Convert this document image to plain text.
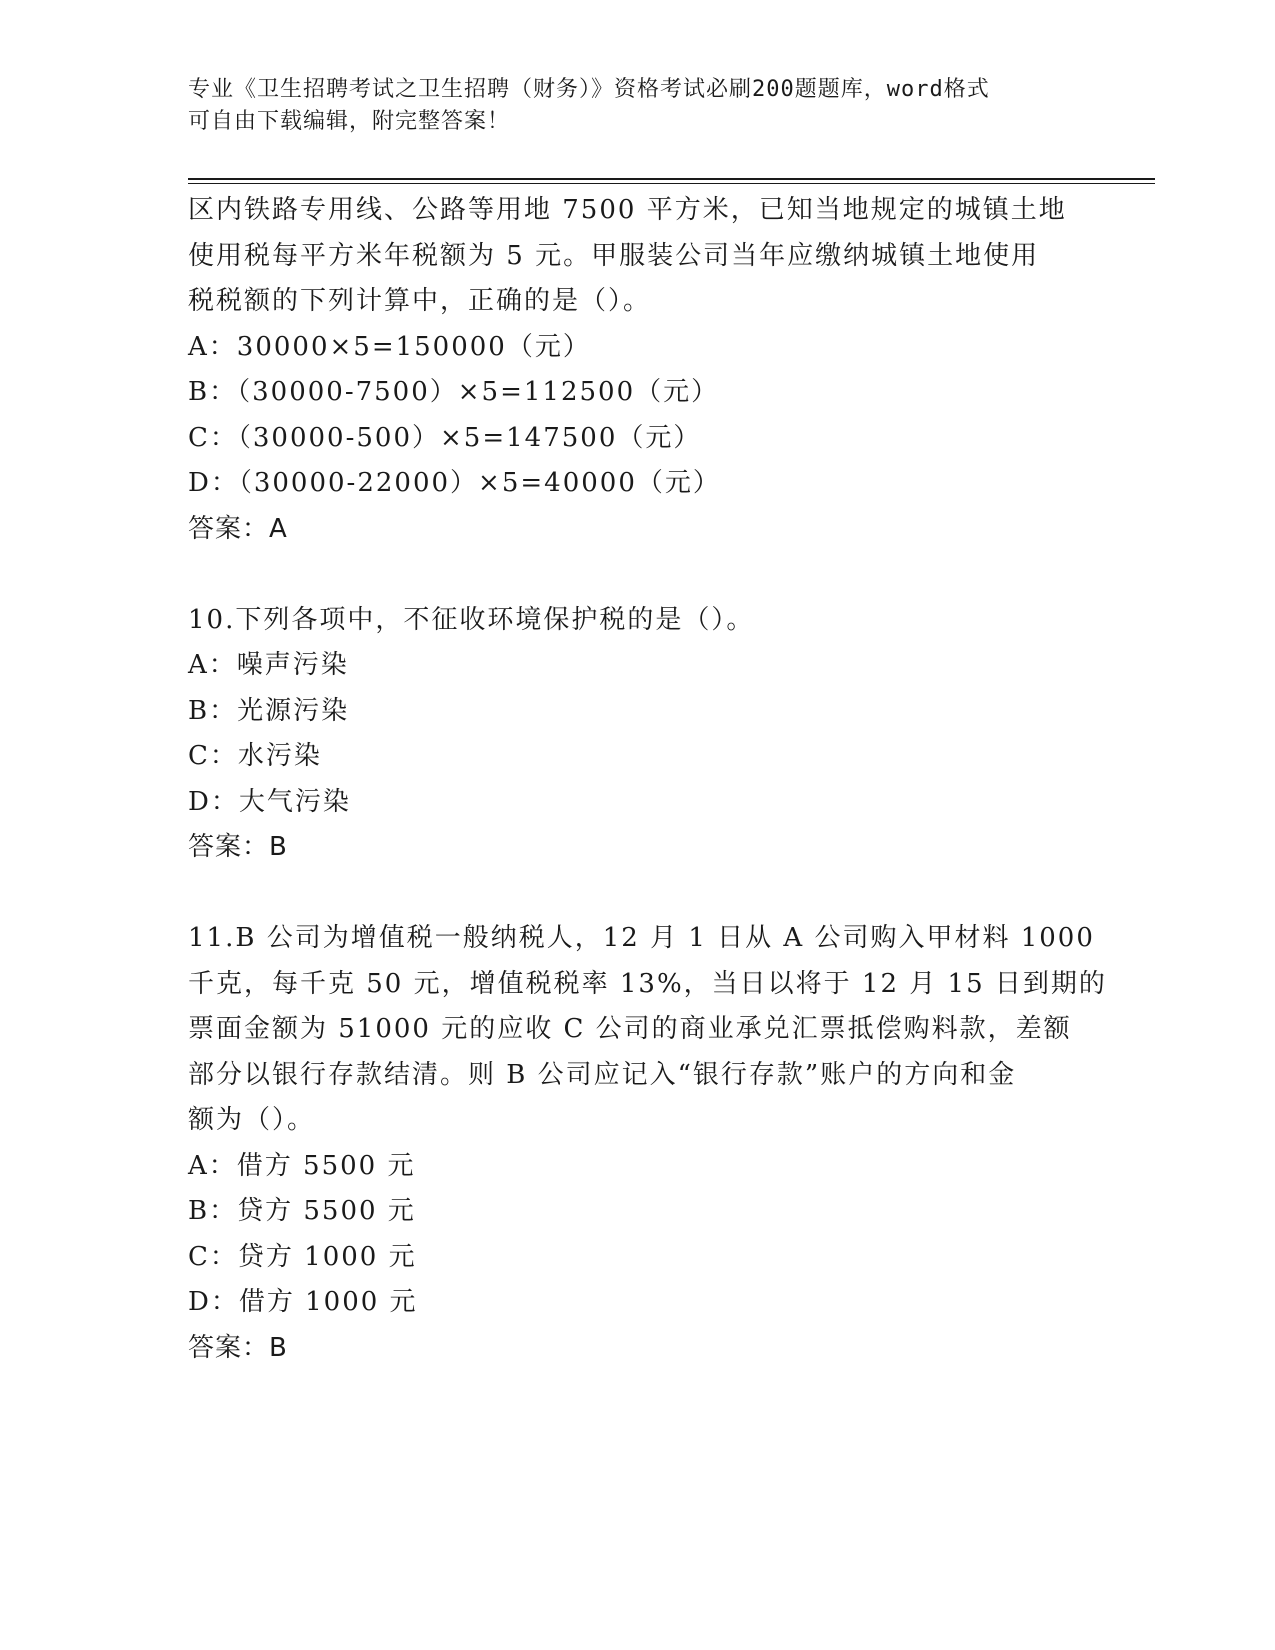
专业《卫生招聘考试之卫生招聘（财务）》资格考试必刷200题题库，word格式
可自由下载编辑，附完整答案！
区内铁路专用线、公路等用地 7500 平方米，已知当地规定的城镇土地
使用税每平方米年税额为 5 元。甲服装公司当年应缴纳城镇土地使用
税税额的下列计算中，正确的是（）。
A：30000×5=150000（元）
B：（30000-7500）×5=112500（元）
C：（30000-500）×5=147500（元）
D：（30000-22000）×5=40000（元）
答案：A
10.下列各项中，不征收环境保护税的是（）。
A：噪声污染
B：光源污染
C：水污染
D：大气污染
答案：B
11.B 公司为增值税一般纳税人，12 月 1 日从 A 公司购入甲材料 1000
千克，每千克 50 元，增值税税率 13%，当日以将于 12 月 15 日到期的
票面金额为 51000 元的应收 C 公司的商业承兑汇票抵偿购料款，差额
部分以银行存款结清。则 B 公司应记入“银行存款”账户的方向和金
额为（）。
A：借方 5500 元
B：贷方 5500 元
C：贷方 1000 元
D：借方 1000 元
答案：B
